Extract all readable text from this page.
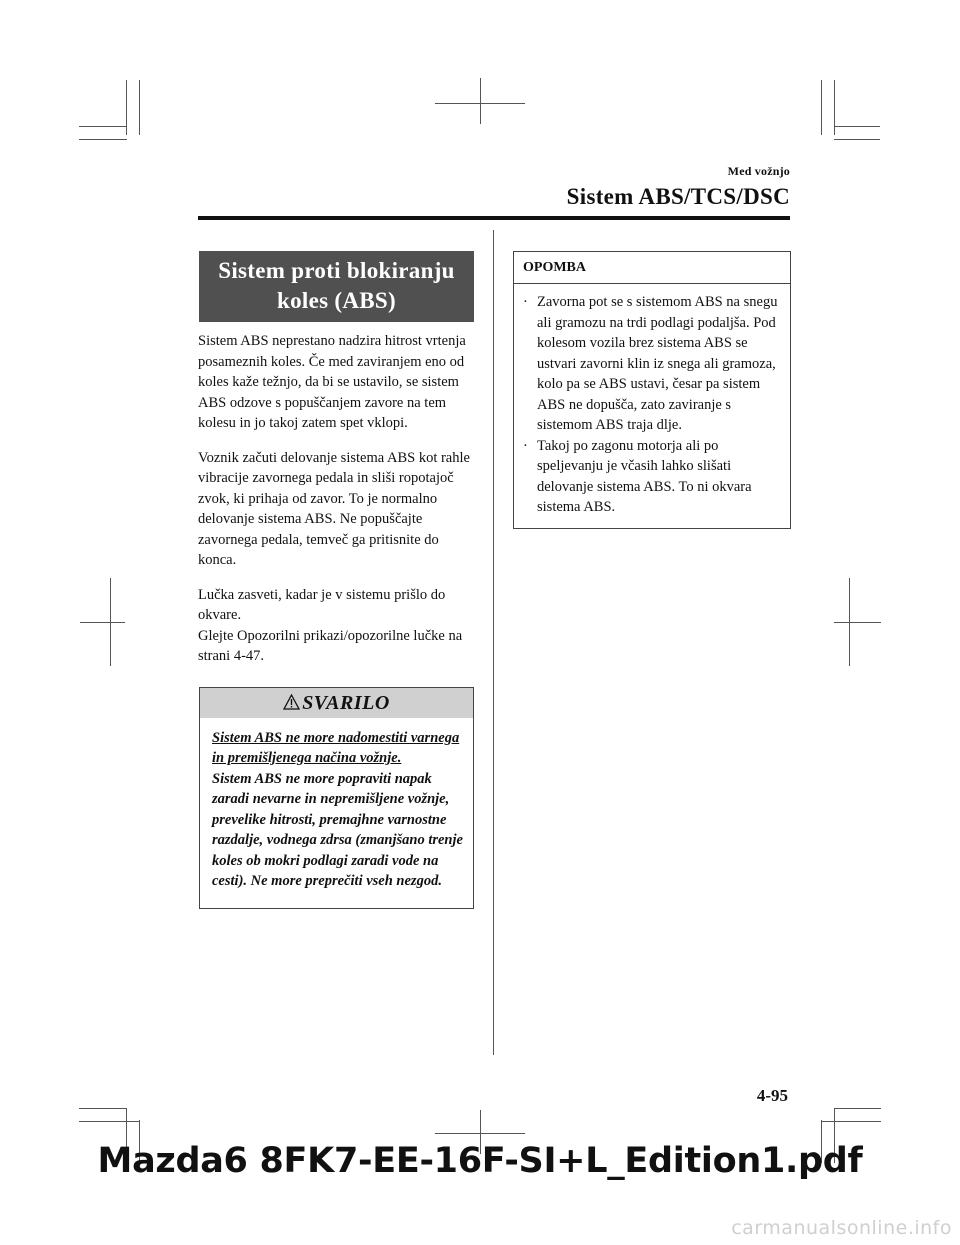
Med vožnjo
Sistem ABS/TCS/DSC
Sistem proti blokiranju
koles (ABS)

Sistem ABS neprestano nadzira hitrost vrtenja posameznih koles. Če med zaviranjem eno od koles kaže težnjo, da bi se ustavilo, se sistem ABS odzove s popuščanjem zavore na tem kolesu in jo takoj zatem spet vklopi.

Voznik začuti delovanje sistema ABS kot rahle vibracije zavornega pedala in sliši ropotajoč zvok, ki prihaja od zavor. To je normalno delovanje sistema ABS. Ne popuščajte zavornega pedala, temveč ga pritisnite do konca.

Lučka zasveti, kadar je v sistemu prišlo do okvare.

Glejte Opozorilni prikazi/opozorilne lučke na strani 4-47.

SVARILO

Sistem ABS ne more nadomestiti varnega in premišljenega načina vožnje.

Sistem ABS ne more popraviti napak zaradi nevarne in nepremišljene vožnje, prevelike hitrosti, premajhne varnostne razdalje, vodnega zdrsa (zmanjšano trenje koles ob mokri podlagi zaradi vode na cesti). Ne more preprečiti vseh nezgod.

OPOMBA
· Zavorna pot se s sistemom ABS na snegu ali gramozu na trdi podlagi podaljša. Pod kolesom vozila brez sistema ABS se ustvari zavorni klin iz snega ali gramoza, kolo pa se ABS ustavi, česar pa sistem ABS ne dopušča, zato zaviranje s sistemom ABS traja dlje.
· Takoj po zagonu motorja ali po speljevanju je včasih lahko slišati delovanje sistema ABS. To ni okvara sistema ABS.
4-95
Mazda6 8FK7-EE-16F-SI+L_Edition1.pdf
carmanualsonline.info
